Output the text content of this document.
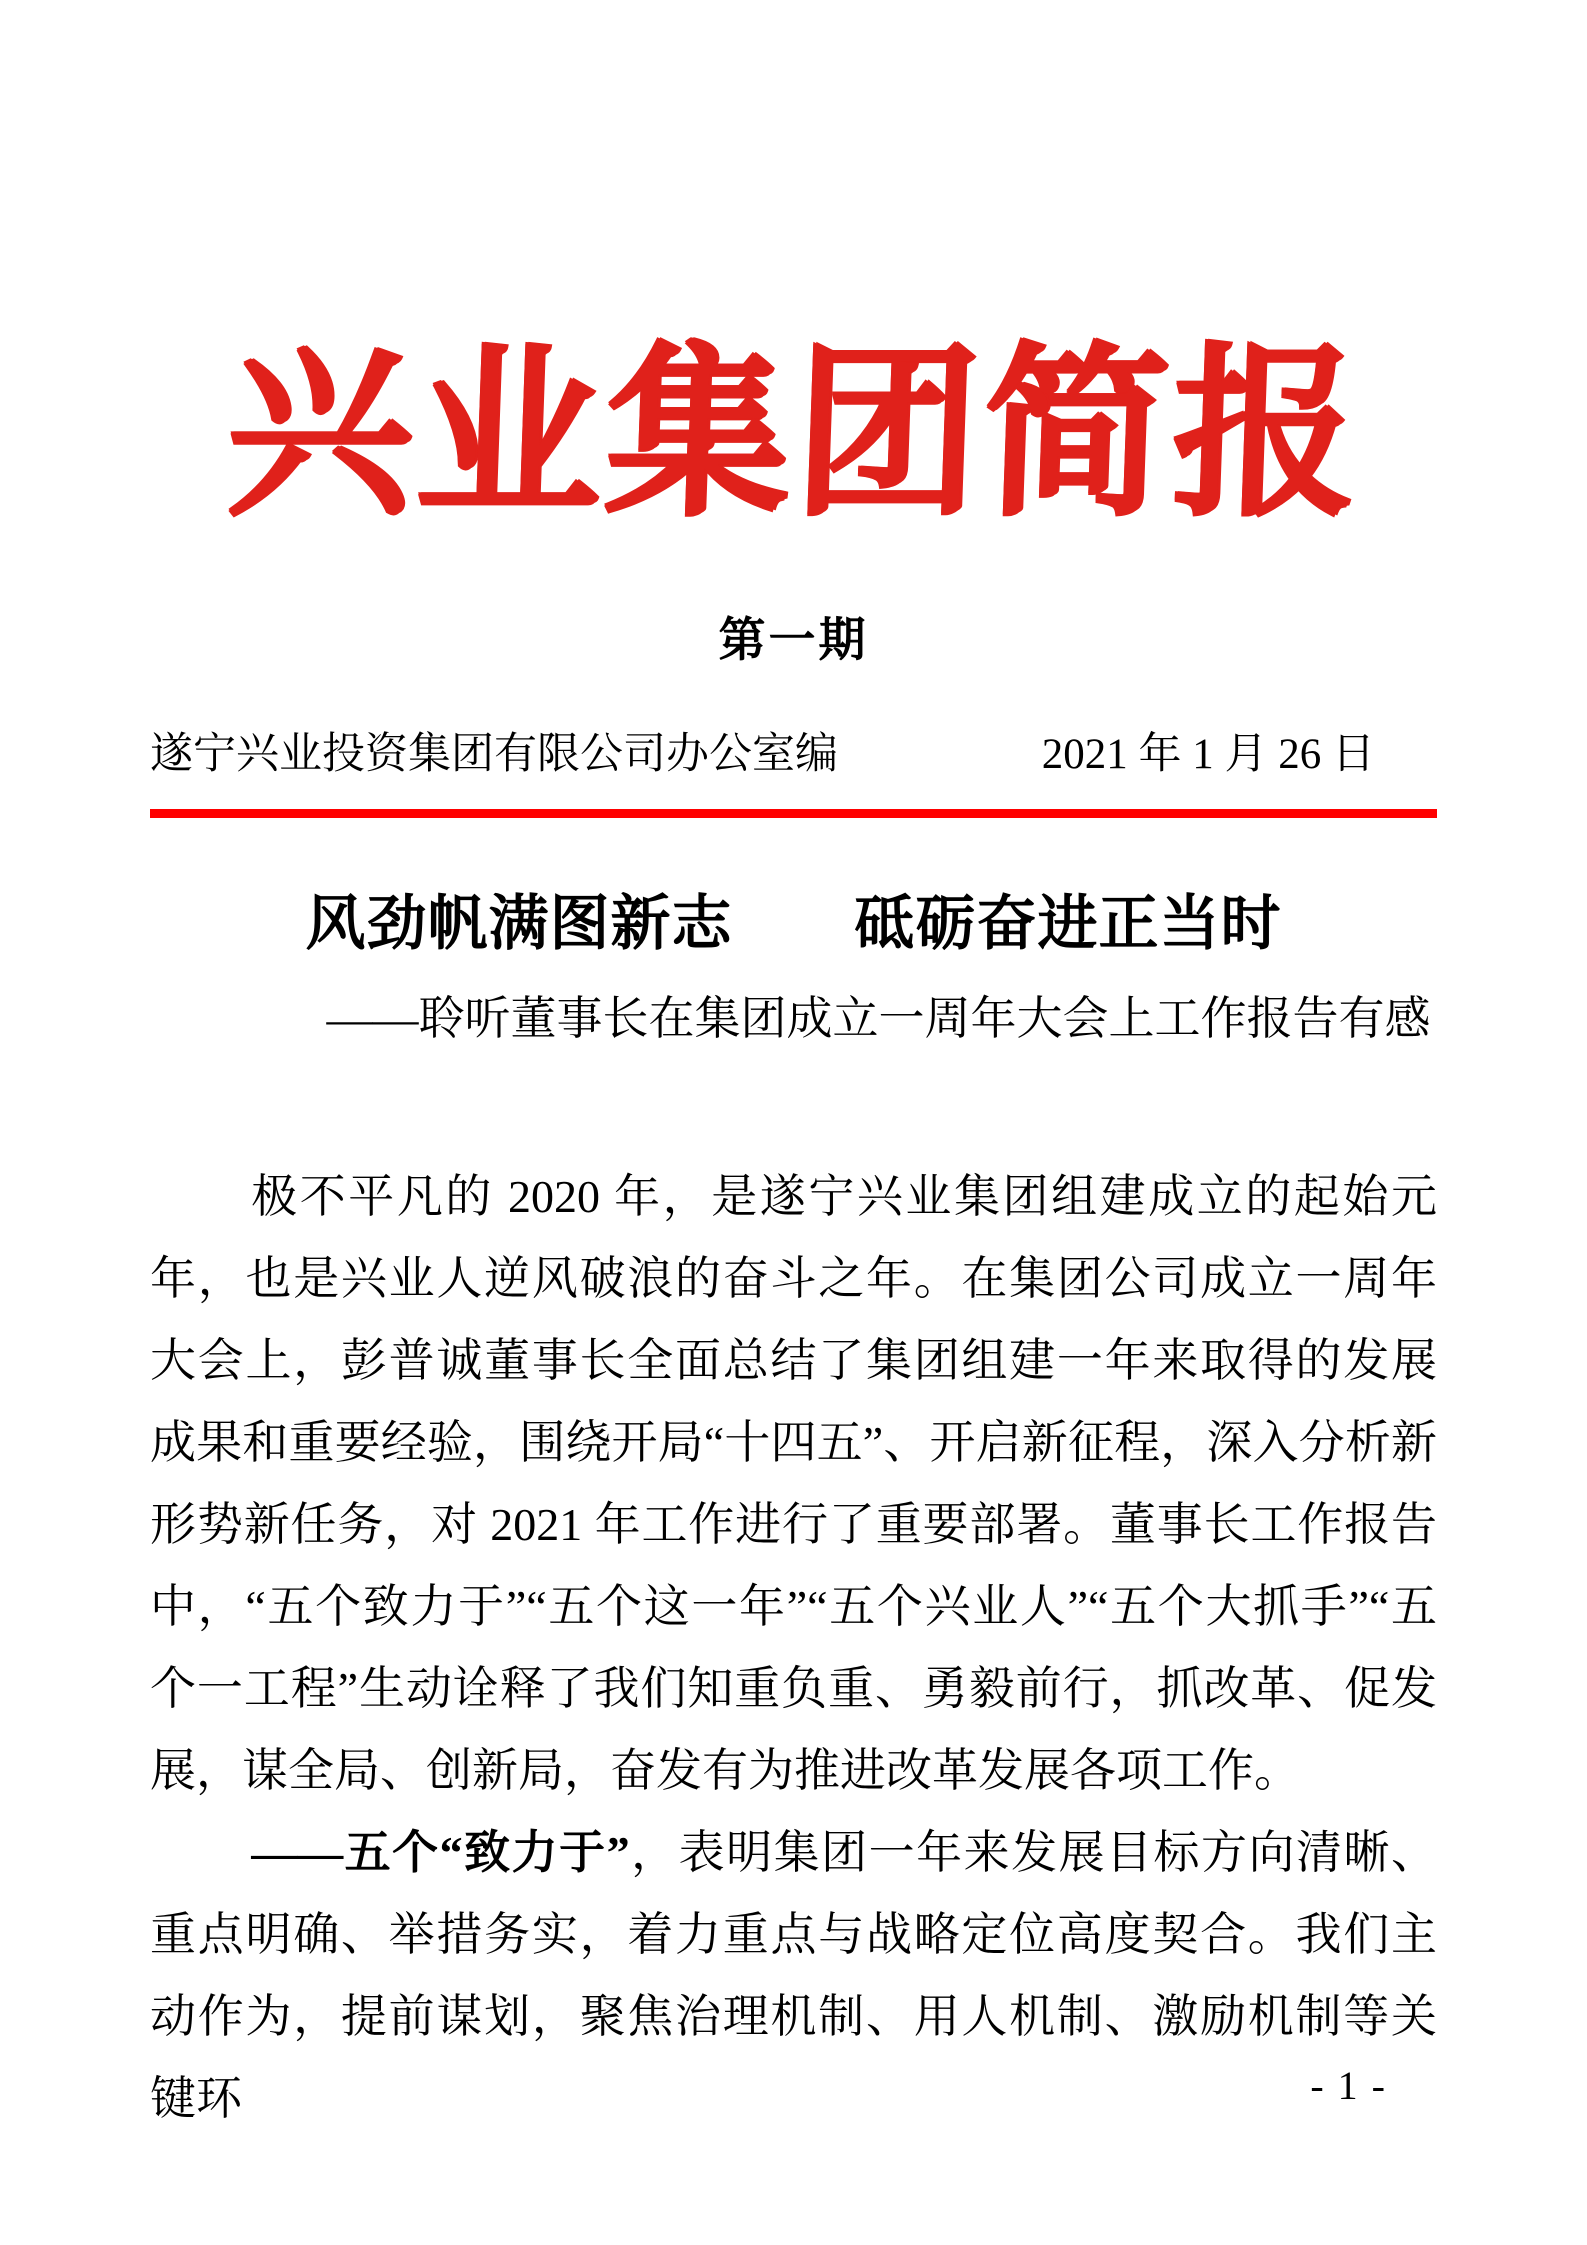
兴业集团简报
第一期
遂宁兴业投资集团有限公司办公室编	2021 年 1 月 26 日
风劲帆满图新志　　砥砺奋进正当时
——聆听董事长在集团成立一周年大会上工作报告有感

极不平凡的 2020 年，是遂宁兴业集团组建成立的起始元年，也是兴业人逆风破浪的奋斗之年。在集团公司成立一周年大会上，彭普诚董事长全面总结了集团组建一年来取得的发展成果和重要经验，围绕开局“十四五”、开启新征程，深入分析新形势新任务，对 2021 年工作进行了重要部署。董事长工作报告中，“五个致力于”“五个这一年”“五个兴业人”“五个大抓手”“五个一工程”生动诠释了我们知重负重、勇毅前行，抓改革、促发展，谋全局、创新局，奋发有为推进改革发展各项工作。

——五个“致力于”，表明集团一年来发展目标方向清晰、重点明确、举措务实，着力重点与战略定位高度契合。我们主动作为，提前谋划，聚焦治理机制、用人机制、激励机制等关键环	- 1 -
